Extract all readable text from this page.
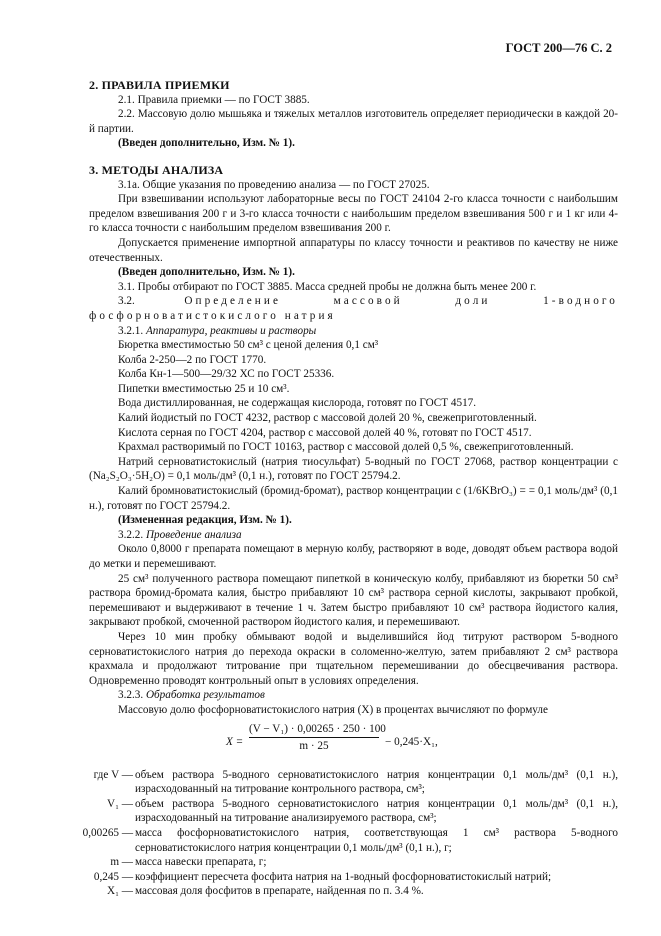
ГОСТ 200—76 С. 2

2. ПРАВИЛА ПРИЕМКИ

2.1. Правила приемки — по ГОСТ 3885.

2.2. Массовую долю мышьяка и тяжелых металлов изготовитель определяет периодически в каждой 20-й партии.

(Введен дополнительно, Изм. № 1).

3. МЕТОДЫ АНАЛИЗА

3.1а. Общие указания по проведению анализа — по ГОСТ 27025.

При взвешивании используют лабораторные весы по ГОСТ 24104 2-го класса точности с наибольшим пределом взвешивания 200 г и 3-го класса точности с наибольшим пределом взвешивания 500 г и 1 кг или 4-го класса точности с наибольшим пределом взвешивания 200 г.

Допускается применение импортной аппаратуры по классу точности и реактивов по качеству не ниже отечественных.

(Введен дополнительно, Изм. № 1).

3.1. Пробы отбирают по ГОСТ 3885. Масса средней пробы не должна быть менее 200 г.

3.2.	Определение массовой доли 1-водного фосфорноватистокислого натрия

3.2.1. Аппаратура, реактивы и растворы

Бюретка вместимостью 50 см³ с ценой деления 0,1 см³

Колба 2-250—2 по ГОСТ 1770.

Колба Кн-1—500—29/32 ХС по ГОСТ 25336.

Пипетки вместимостью 25 и 10 см³.

Вода дистиллированная, не содержащая кислорода, готовят по ГОСТ 4517.

Калий йодистый по ГОСТ 4232, раствор с массовой долей 20 %, свежеприготовленный.

Кислота серная по ГОСТ 4204, раствор с массовой долей 40 %, готовят по ГОСТ 4517.

Крахмал растворимый по ГОСТ 10163, раствор с массовой долей 0,5 %, свежеприготовленный.

Натрий серноватистокислый (натрия тиосульфат) 5-водный по ГОСТ 27068, раствор концентрации c (Na₂S₂O₃·5H₂O) = 0,1 моль/дм³ (0,1 н.), готовят по ГОСТ 25794.2.

Калий бромноватистокислый (бромид-бромат), раствор концентрации c (1/6KBrO₃) = = 0,1 моль/дм³ (0,1 н.), готовят по ГОСТ 25794.2.

(Измененная редакция, Изм. № 1).

3.2.2. Проведение анализа

Около 0,8000 г препарата помещают в мерную колбу, растворяют в воде, доводят объем раствора водой до метки и перемешивают.

25 см³ полученного раствора помещают пипеткой в коническую колбу, прибавляют из бюретки 50 см³ раствора бромид-бромата калия, быстро прибавляют 10 см³ раствора серной кислоты, закрывают пробкой, перемешивают и выдерживают в течение 1 ч. Затем быстро прибавляют 10 см³ раствора йодистого калия, закрывают пробкой, смоченной раствором йодистого калия, и перемешивают.

Через 10 мин пробку обмывают водой и выделившийся йод титруют раствором 5-водного серноватистокислого натрия до перехода окраски в соломенно-желтую, затем прибавляют 2 см³ раствора крахмала и продолжают титрование при тщательном перемешивании до обесцвечивания раствора. Одновременно проводят контрольный опыт в условиях определения.

3.2.3. Обработка результатов

Массовую долю фосфорноватистокислого натрия (X) в процентах вычисляют по формуле

$X = \frac{\text{(V − V₁) · 0,00265 · 250 · 100}}{m \cdot 25} - 0,245\cdot X_1$,
где V — объем раствора 5-водного серноватистокислого натрия концентрации 0,1 моль/дм³ (0,1 н.), израсходованный на титрование контрольного раствора, см³;
V₁ — объем раствора 5-водного серноватистокислого натрия концентрации 0,1 моль/дм³ (0,1 н.), израсходованный на титрование анализируемого раствора, см³;
0,00265 — масса фосфорноватистокислого натрия, соответствующая 1 см³ раствора 5-водного серноватистокислого натрия концентрации 0,1 моль/дм³ (0,1 н.), г;
m — масса навески препарата, г;
0,245 — коэффициент пересчета фосфита натрия на 1-водный фосфорноватистокислый натрий;
X₁ — массовая доля фосфитов в препарате, найденная по п. 3.4 %.
